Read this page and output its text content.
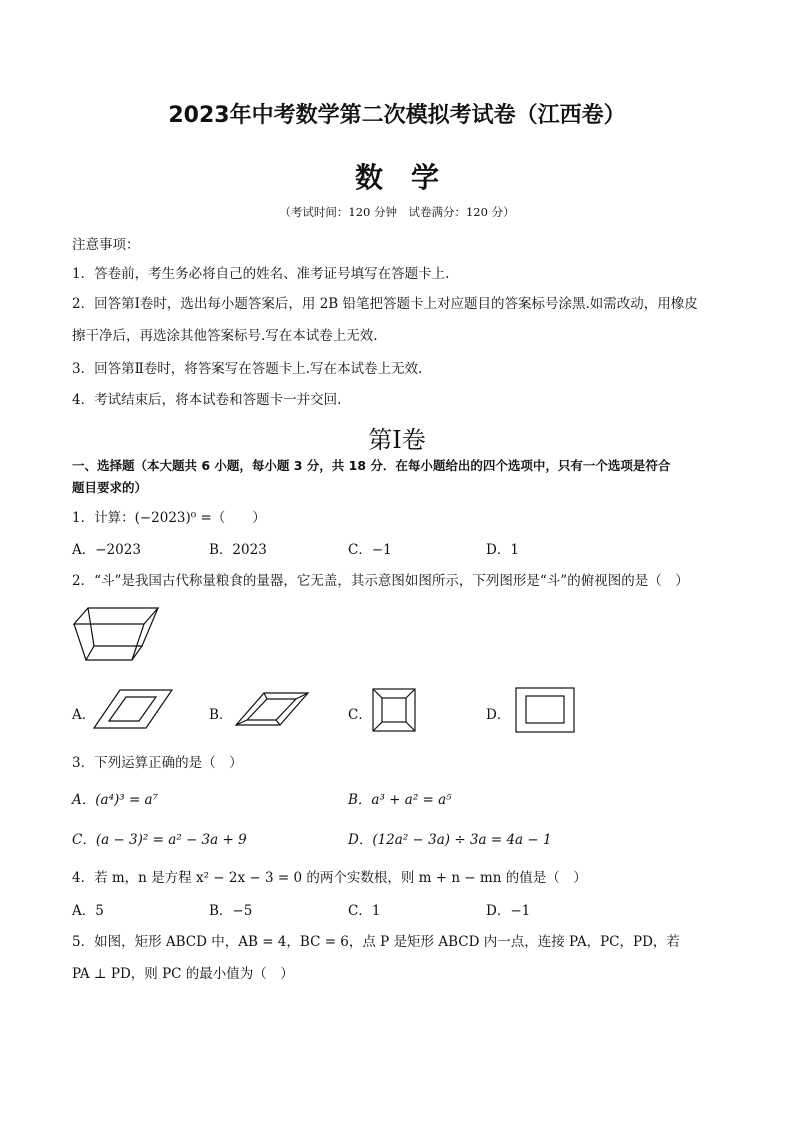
2023年中考数学第二次模拟考试卷（江西卷）
数　学
（考试时间：120 分钟　试卷满分：120 分）
注意事项：
1．答卷前，考生务必将自己的姓名、准考证号填写在答题卡上.
2．回答第Ⅰ卷时，选出每小题答案后，用 2B 铅笔把答题卡上对应题目的答案标号涂黑.如需改动，用橡皮
擦干净后，再选涂其他答案标号.写在本试卷上无效.
3．回答第Ⅱ卷时，将答案写在答题卡上.写在本试卷上无效.
4．考试结束后，将本试卷和答题卡一并交回.
第Ⅰ卷
一、选择题（本大题共 6 小题，每小题 3 分，共 18 分．在每小题给出的四个选项中，只有一个选项是符合
题目要求的）
1．计算：(−2023)⁰ =（　　）
A．−2023	B．2023	C．−1	D．1
2．“斗”是我国古代称量粮食的量器，它无盖，其示意图如图所示，下列图形是“斗”的俯视图的是（　）
A．	B．	C．	D．
3．下列运算正确的是（　）
A．(a⁴)³ = a⁷	B．a³ + a² = a⁵
C．(a − 3)² = a² − 3a + 9	D．(12a² − 3a) ÷ 3a = 4a − 1
4．若 m，n 是方程 x² − 2x − 3 = 0 的两个实数根，则 m + n − mn 的值是（　）
A．5	B．−5	C．1	D．−1
5．如图，矩形 ABCD 中，AB = 4，BC = 6，点 P 是矩形 ABCD 内一点，连接 PA，PC，PD，若
PA ⊥ PD，则 PC 的最小值为（　）
